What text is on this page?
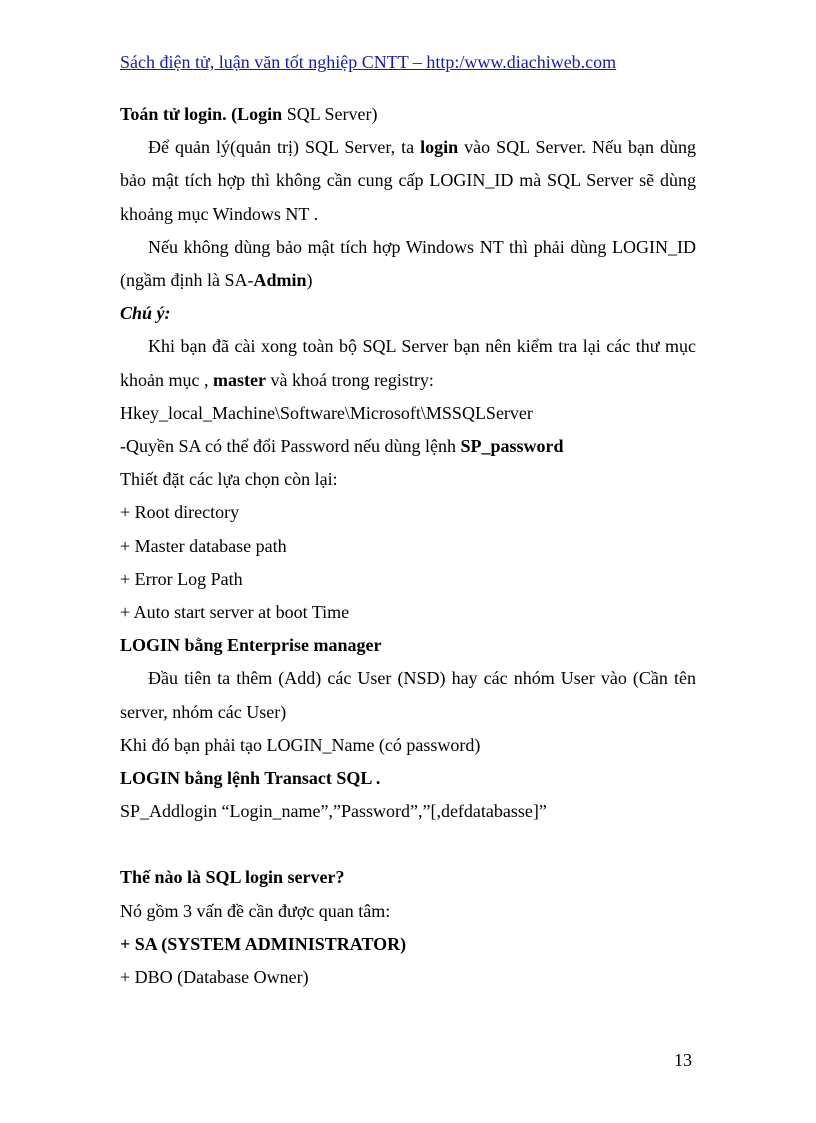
Sách điện tử, luận văn tốt nghiệp CNTT – http:/www.diachiweb.com

Toán tử login. (Login SQL Server)

Để quản lý(quản trị) SQL Server, ta login vào SQL Server. Nếu bạn dùng bảo mật tích hợp thì không cần cung cấp LOGIN_ID mà SQL Server sẽ dùng khoảng mục Windows NT .

Nếu không dùng bảo mật tích hợp Windows NT thì phải dùng LOGIN_ID (ngầm định là SA-Admin)

Chú ý:

Khi bạn đã cài xong toàn bộ SQL Server bạn nên kiểm tra lại các thư mục khoản mục , master và khoá trong registry:

Hkey_local_Machine\Software\Microsoft\MSSQLServer

-Quyền SA có thể đổi Password nếu dùng lệnh SP_password

Thiết đặt các lựa chọn còn lại:

+ Root directory

+ Master database path

+ Error Log Path

+ Auto start server at boot Time

LOGIN bằng Enterprise manager

Đầu tiên ta thêm (Add) các User (NSD) hay các nhóm User vào (Cần tên server, nhóm các User)

Khi đó bạn phải tạo LOGIN_Name (có password)

LOGIN bằng lệnh Transact SQL .

SP_Addlogin “Login_name”,”Password”,”[,defdatabasse]”

Thế nào là SQL login server?

Nó gồm 3 vấn đề cần được quan tâm:

+ SA (SYSTEM ADMINISTRATOR)

+ DBO (Database Owner)

13
